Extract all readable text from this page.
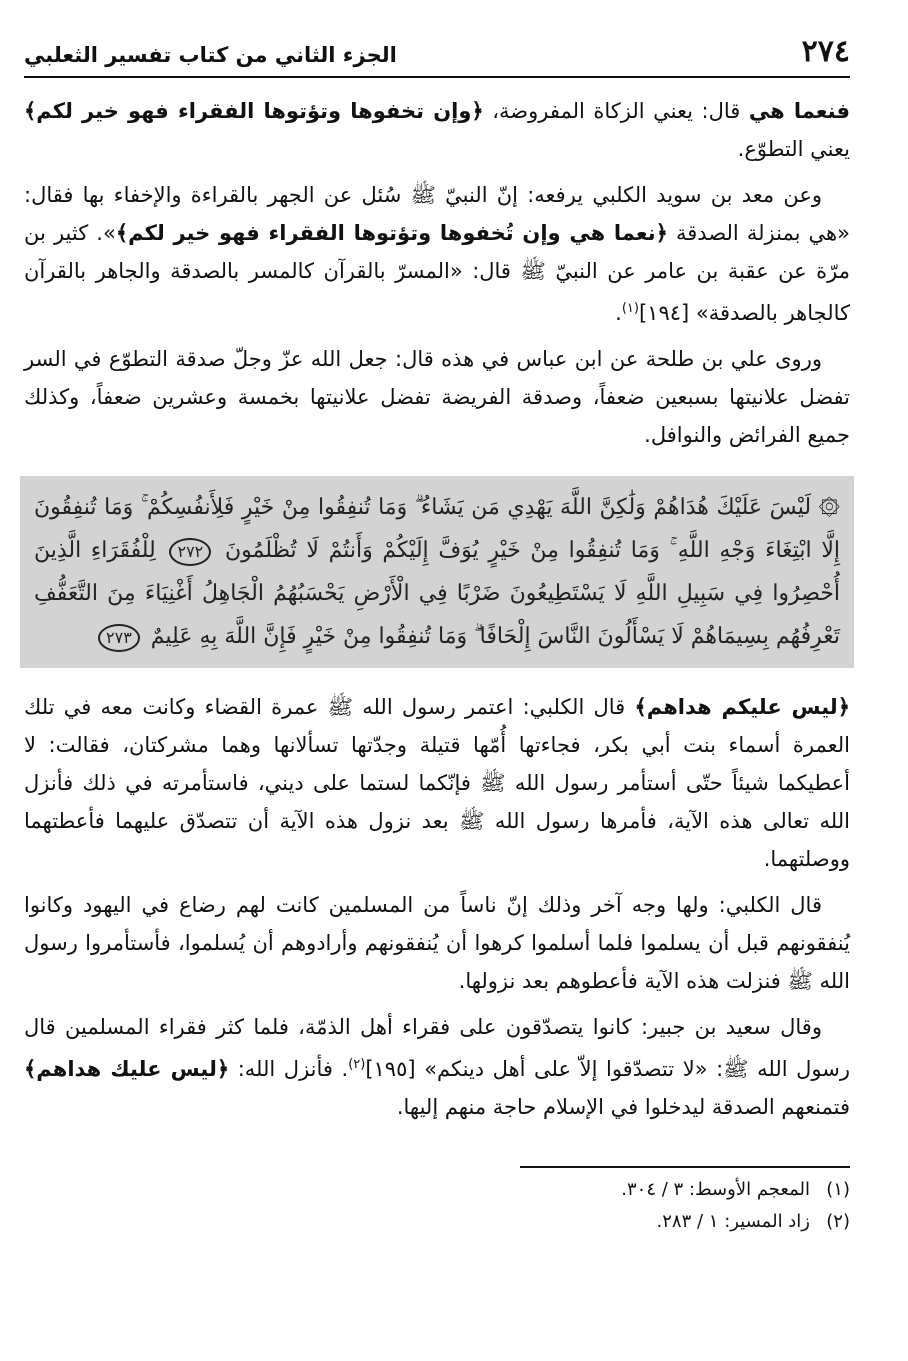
٢٧٤
الجزء الثاني من كتاب تفسير الثعلبي

فنعما هي قال: يعني الزكاة المفروضة، ﴿وإن تخفوها وتؤتوها الفقراء فهو خير لكم﴾ يعني التطوّع.

وعن معد بن سويد الكلبي يرفعه: إنّ النبيّ ﷺ سُئل عن الجهر بالقراءة والإخفاء بها فقال: «هي بمنزلة الصدقة ﴿نعما هي وإن تُخفوها وتؤتوها الفقراء فهو خير لكم﴾». كثير بن مرّة عن عقبة بن عامر عن النبيّ ﷺ قال: «المسرّ بالقرآن كالمسر بالصدقة والجاهر بالقرآن كالجاهر بالصدقة» [١٩٤]$^{(١)}$.

وروى علي بن طلحة عن ابن عباس في هذه قال: جعل الله عزّ وجلّ صدقة التطوّع في السر تفضل علانيتها بسبعين ضعفاً، وصدقة الفريضة تفضل علانيتها بخمسة وعشرين ضعفاً، وكذلك جميع الفرائض والنوافل.

۞ لَيْسَ عَلَيْكَ هُدَاهُمْ وَلَٰكِنَّ اللَّهَ يَهْدِي مَن يَشَاءُ ۗ وَمَا تُنفِقُوا مِنْ خَيْرٍ فَلِأَنفُسِكُمْ ۚ وَمَا تُنفِقُونَ إِلَّا ابْتِغَاءَ وَجْهِ اللَّهِ ۚ وَمَا تُنفِقُوا مِنْ خَيْرٍ يُوَفَّ إِلَيْكُمْ وَأَنتُمْ لَا تُظْلَمُونَ ٢٧٢ لِلْفُقَرَاءِ الَّذِينَ أُحْصِرُوا فِي سَبِيلِ اللَّهِ لَا يَسْتَطِيعُونَ ضَرْبًا فِي الْأَرْضِ يَحْسَبُهُمُ الْجَاهِلُ أَغْنِيَاءَ مِنَ التَّعَفُّفِ تَعْرِفُهُم بِسِيمَاهُمْ لَا يَسْأَلُونَ النَّاسَ إِلْحَافًا ۗ وَمَا تُنفِقُوا مِنْ خَيْرٍ فَإِنَّ اللَّهَ بِهِ عَلِيمٌ ٢٧٣

﴿ليس عليكم هداهم﴾ قال الكلبي: اعتمر رسول الله ﷺ عمرة القضاء وكانت معه في تلك العمرة أسماء بنت أبي بكر، فجاءتها أُمّها قتيلة وجدّتها تسألانها وهما مشركتان، فقالت: لا أعطيكما شيئاً حتّى أستأمر رسول الله ﷺ فإنّكما لستما على ديني، فاستأمرته في ذلك فأنزل الله تعالى هذه الآية، فأمرها رسول الله ﷺ بعد نزول هذه الآية أن تتصدّق عليهما فأعطتهما ووصلتهما.

قال الكلبي: ولها وجه آخر وذلك إنّ ناساً من المسلمين كانت لهم رضاع في اليهود وكانوا يُنفقونهم قبل أن يسلموا فلما أسلموا كرهوا أن يُنفقونهم وأرادوهم أن يُسلموا، فأستأمروا رسول الله ﷺ فنزلت هذه الآية فأعطوهم بعد نزولها.

وقال سعيد بن جبير: كانوا يتصدّقون على فقراء أهل الذمّة، فلما كثر فقراء المسلمين قال رسول الله ﷺ: «لا تتصدّقوا إلاّ على أهل دينكم» [١٩٥]$^{(٢)}$. فأنزل الله: ﴿ليس عليك هداهم﴾ فتمنعهم الصدقة ليدخلوا في الإسلام حاجة منهم إليها.

(١)المعجم الأوسط: ٣ / ٣٠٤.

(٢)زاد المسير: ١ / ٢٨٣.
